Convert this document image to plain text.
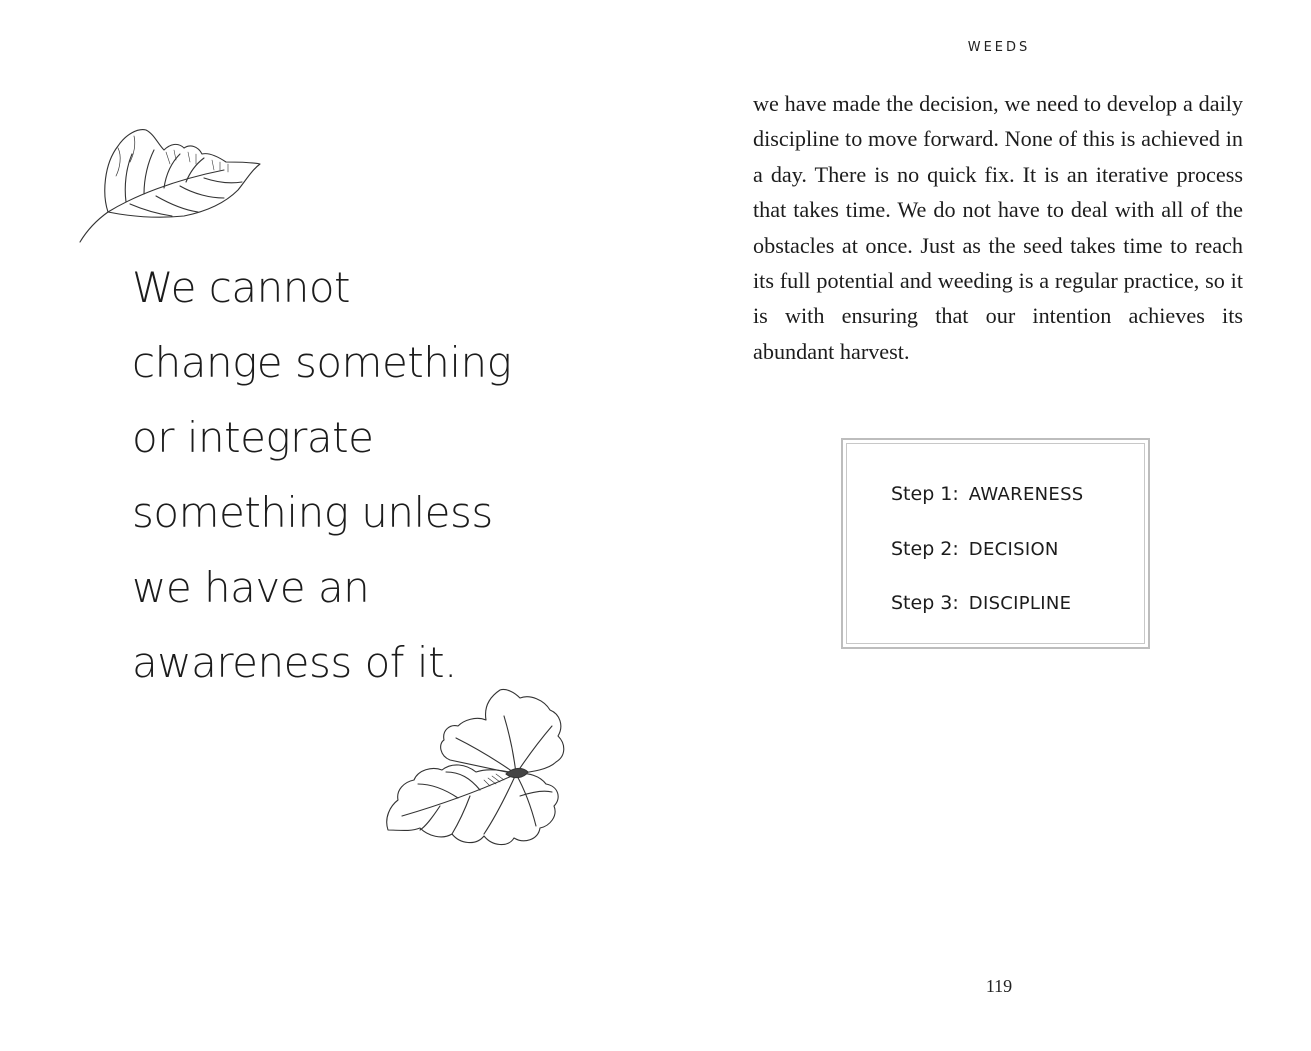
We cannot
change something
or integrate
something unless
we have an
awareness of it.
WEEDS

we have made the decision, we need to develop a daily discipline to move forward. None of this is achieved in a day. There is no quick fix. It is an iterative process that takes time. We do not have to deal with all of the obstacles at once. Just as the seed takes time to reach its full potential and weeding is a regular practice, so it is with ensuring that our intention achieves its abundant harvest.

Step 1: AWARENESS
Step 2: DECISION
Step 3: DISCIPLINE
119
